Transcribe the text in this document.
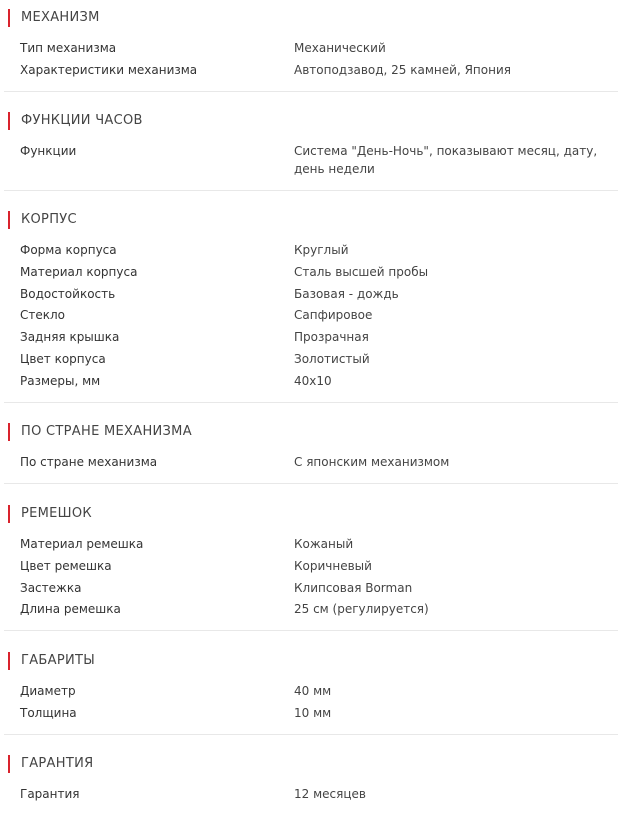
МЕХАНИЗМ
Тип механизма	Механический
Характеристики механизма	Автоподзавод, 25 камней, Япония
ФУНКЦИИ ЧАСОВ
Функции	Система "День-Ночь", показывают месяц, дату, день недели
КОРПУС
Форма корпуса	Круглый
Материал корпуса	Сталь высшей пробы
Водостойкость	Базовая - дождь
Стекло	Сапфировое
Задняя крышка	Прозрачная
Цвет корпуса	Золотистый
Размеры, мм	40x10
ПО СТРАНЕ МЕХАНИЗМА
По стране механизма	С японским механизмом
РЕМЕШОК
Материал ремешка	Кожаный
Цвет ремешка	Коричневый
Застежка	Клипсовая Borman
Длина ремешка	25 см (регулируется)
ГАБАРИТЫ
Диаметр	40 мм
Толщина	10 мм
ГАРАНТИЯ
Гарантия	12 месяцев
